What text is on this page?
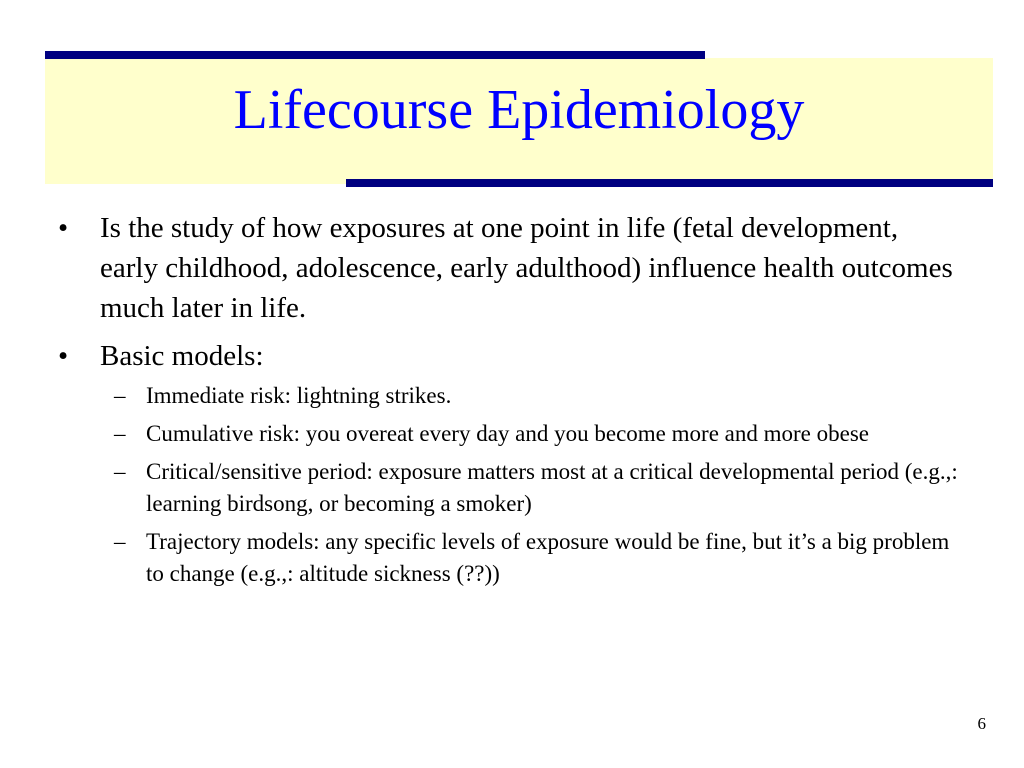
Lifecourse Epidemiology
•	Is the study of how exposures at one point in life (fetal development, early childhood, adolescence, early adulthood) influence health outcomes much later in life.
•	Basic models:
– Immediate risk: lightning strikes.
– Cumulative risk: you overeat every day and you become more and more obese
– Critical/sensitive period: exposure matters most at a critical developmental period (e.g.,: learning birdsong, or becoming a smoker)
– Trajectory models: any specific levels of exposure would be fine, but it’s a big problem to change (e.g.,: altitude sickness (??))
6
